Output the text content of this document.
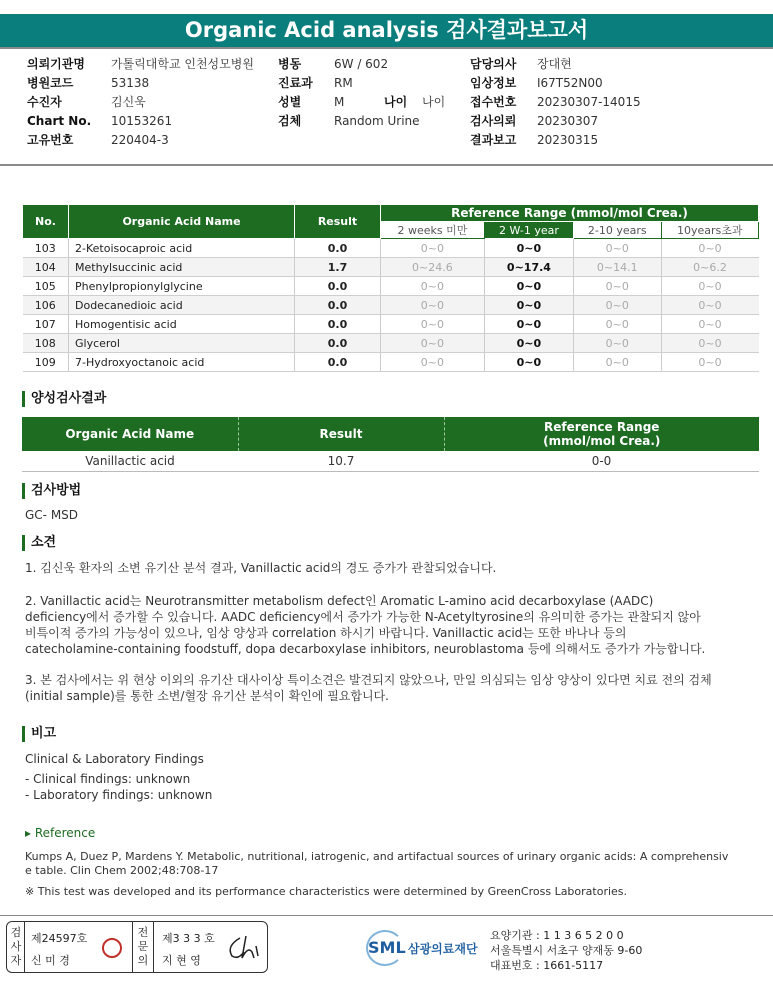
Organic Acid analysis 검사결과보고서
의뢰기관명	가톨릭대학교 인천성모병원
병원코드	53138
수진자	김신욱
Chart No.	10153261
고유번호	220404-3
병동	6W / 602
진료과	RM
성별	M	나이	나이
검체	Random Urine
담당의사	장대현
임상정보	I67T52N00
접수번호	20230307-14015
검사의뢰	20230307
결과보고	20230315
No.	Organic Acid Name	Result	Reference Range (mmol/mol Crea.)			
			2 weeks 미만	2 W-1 year	2-10 years	10years초과
103	2-Ketoisocaproic acid	0.0	0~0	0~0	0~0	0~0
104	Methylsuccinic acid	1.7	0~24.6	0~17.4	0~14.1	0~6.2
105	Phenylpropionylglycine	0.0	0~0	0~0	0~0	0~0
106	Dodecanedioic acid	0.0	0~0	0~0	0~0	0~0
107	Homogentisic acid	0.0	0~0	0~0	0~0	0~0
108	Glycerol	0.0	0~0	0~0	0~0	0~0
109	7-Hydroxyoctanoic acid	0.0	0~0	0~0	0~0	0~0
양성검사결과
Organic Acid Name	Result	Reference Range
(mmol/mol Crea.)
Vanillactic acid	10.7	0-0
검사방법
GC- MSD
소견
1. 김신욱 환자의 소변 유기산 분석 결과, Vanillactic acid의 경도 증가가 관찰되었습니다.
2. Vanillactic acid는 Neurotransmitter metabolism defect인 Aromatic L-amino acid decarboxylase (AADC)
deficiency에서 증가할 수 있습니다. AADC deficiency에서 증가가 가능한 N-Acetyltyrosine의 유의미한 증가는 관찰되지 않아
비특이적 증가의 가능성이 있으나, 임상 양상과 correlation 하시기 바랍니다. Vanillactic acid는 또한 바나나 등의
catecholamine-containing foodstuff, dopa decarboxylase inhibitors, neuroblastoma 등에 의해서도 증가가 가능합니다.
3. 본 검사에서는 위 현상 이외의 유기산 대사이상 특이소견은 발견되지 않았으나, 만일 의심되는 임상 양상이 있다면 치료 전의 검체
(initial sample)를 통한 소변/혈장 유기산 분석이 확인에 필요합니다.
비고
Clinical & Laboratory Findings
- Clinical findings: unknown
- Laboratory findings: unknown
▸ Reference
Kumps A, Duez P, Mardens Y. Metabolic, nutritional, iatrogenic, and artifactual sources of urinary organic acids: A comprehensiv
e table. Clin Chem 2002;48:708-17
※ This test was developed and its performance characteristics were determined by GreenCross Laboratories.
검
사
자
제24597호
신 미 경
전
문
의
제3 3 3 호
지 현 영
SML 삼광의료재단
요양기관 : 1 1 3 6 5 2 0 0
서울특별시 서초구 양재동 9-60
대표번호 : 1661-5117
